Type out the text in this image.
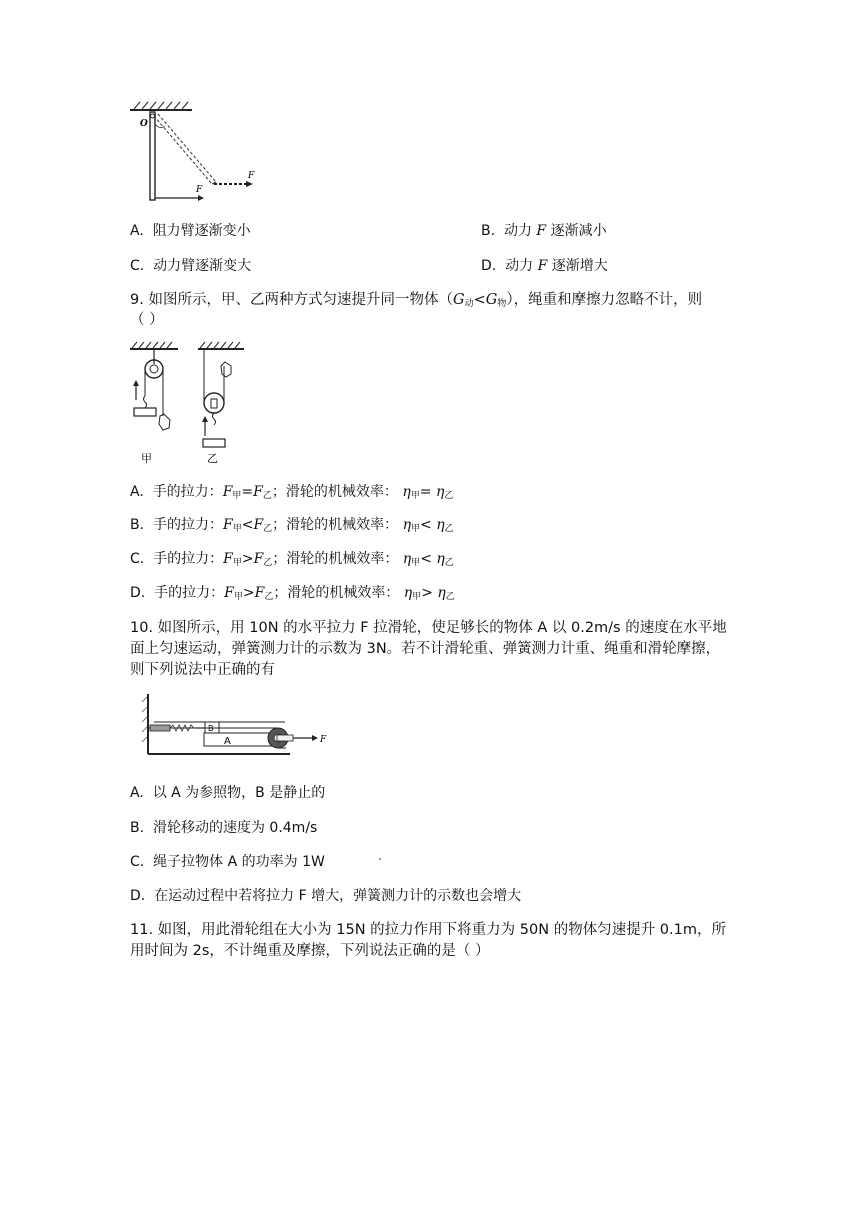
O
F
F
A. 阻力臂逐渐变小	B. 动力 F 逐渐减小
C. 动力臂逐渐变大	D. 动力 F 逐渐增大
9. 如图所示，甲、乙两种方式匀速提升同一物体$(G_动<G_物)$，绳重和摩擦力忽略不计，则
（ ）
甲	乙
A. 手的拉力：$F_甲=F_乙$；滑轮的机械效率： $\eta_甲= \eta_乙$
B. 手的拉力：$F_甲<F_乙$；滑轮的机械效率： $\eta_甲< \eta_乙$
C. 手的拉力：$F_甲>F_乙$；滑轮的机械效率： $\eta_甲< \eta_乙$
D. 手的拉力：$F_甲>F_乙$；滑轮的机械效率： $\eta_甲> \eta_乙$
10. 如图所示，用 10N 的水平拉力 F 拉滑轮，使足够长的物体 A 以 0.2m/s 的速度在水平地
面上匀速运动，弹簧测力计的示数为 3N。若不计滑轮重、弹簧测力计重、绳重和滑轮摩擦，
则下列说法中正确的有
A
B
F
A. 以 A 为参照物，B 是静止的
B. 滑轮移动的速度为 0.4m/s
C. 绳子拉物体 A 的功率为 1W
D. 在运动过程中若将拉力 F 增大，弹簧测力计的示数也会增大
11. 如图，用此滑轮组在大小为 15N 的拉力作用下将重力为 50N 的物体匀速提升 0.1m，所
用时间为 2s，不计绳重及摩擦，下列说法正确的是（ ）
